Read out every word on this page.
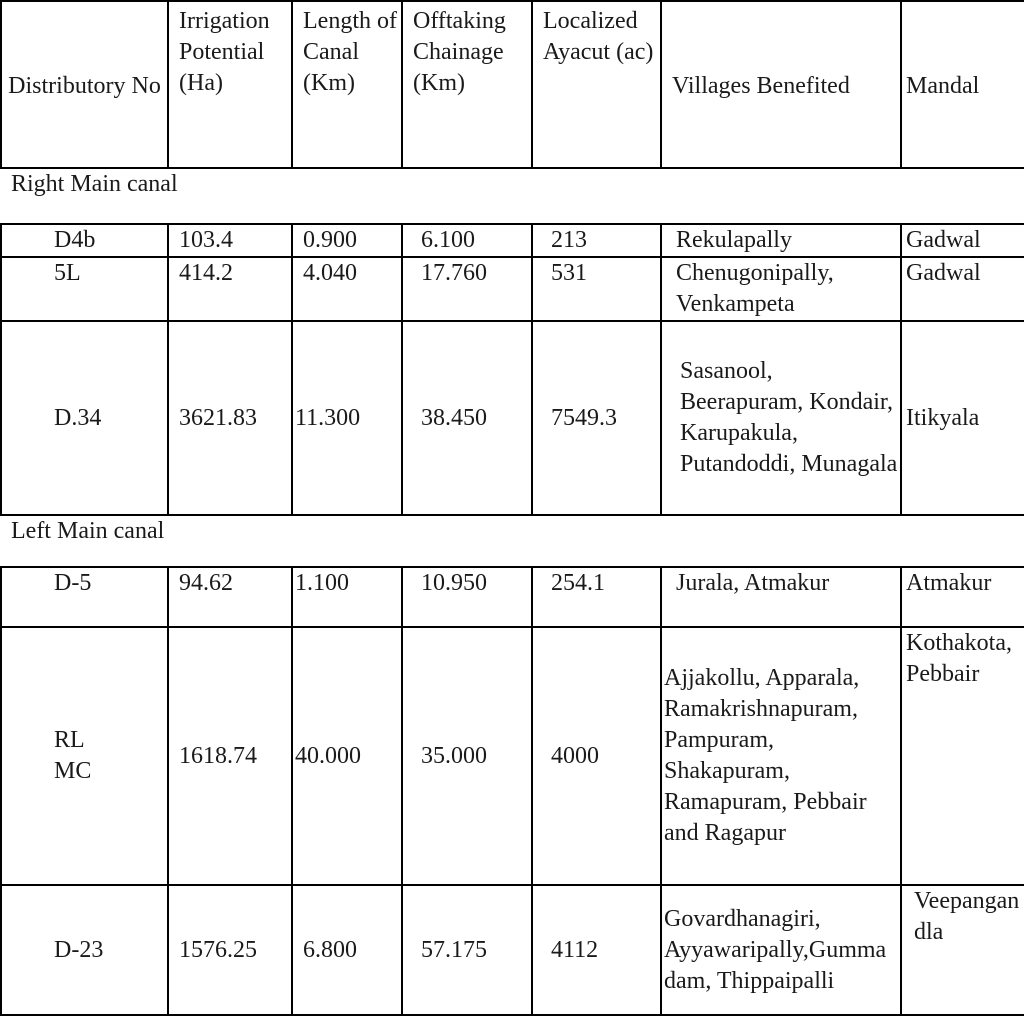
Distributory No	Irrigation Potential (Ha)	Length of Canal (Km)	Offtaking Chainage (Km)	Localized Ayacut (ac)	Villages Benefited	Mandal
Right Main canal						
D4b	103.4	0.900	6.100	213	Rekulapally	Gadwal
5L	414.2	4.040	17.760	531	Chenugonipally, Venkampeta	Gadwal
D.34	3621.83	11.300	38.450	7549.3	Sasanool, Beerapuram, Kondair, Karupakula, Putandoddi, Munagala	Itikyala
Left Main canal						
D-5	94.62	1.100	10.950	254.1	Jurala, Atmakur	Atmakur
RL MC	1618.74	40.000	35.000	4000	Ajjakollu, Apparala, Ramakrishnapuram, Pampuram, Shakapuram, Ramapuram, Pebbair and Ragapur	Kothakota, Pebbair
D-23	1576.25	6.800	57.175	4112	Govardhanagiri, Ayyawaripally,Gumma dam, Thippaipalli	Veepangandla
